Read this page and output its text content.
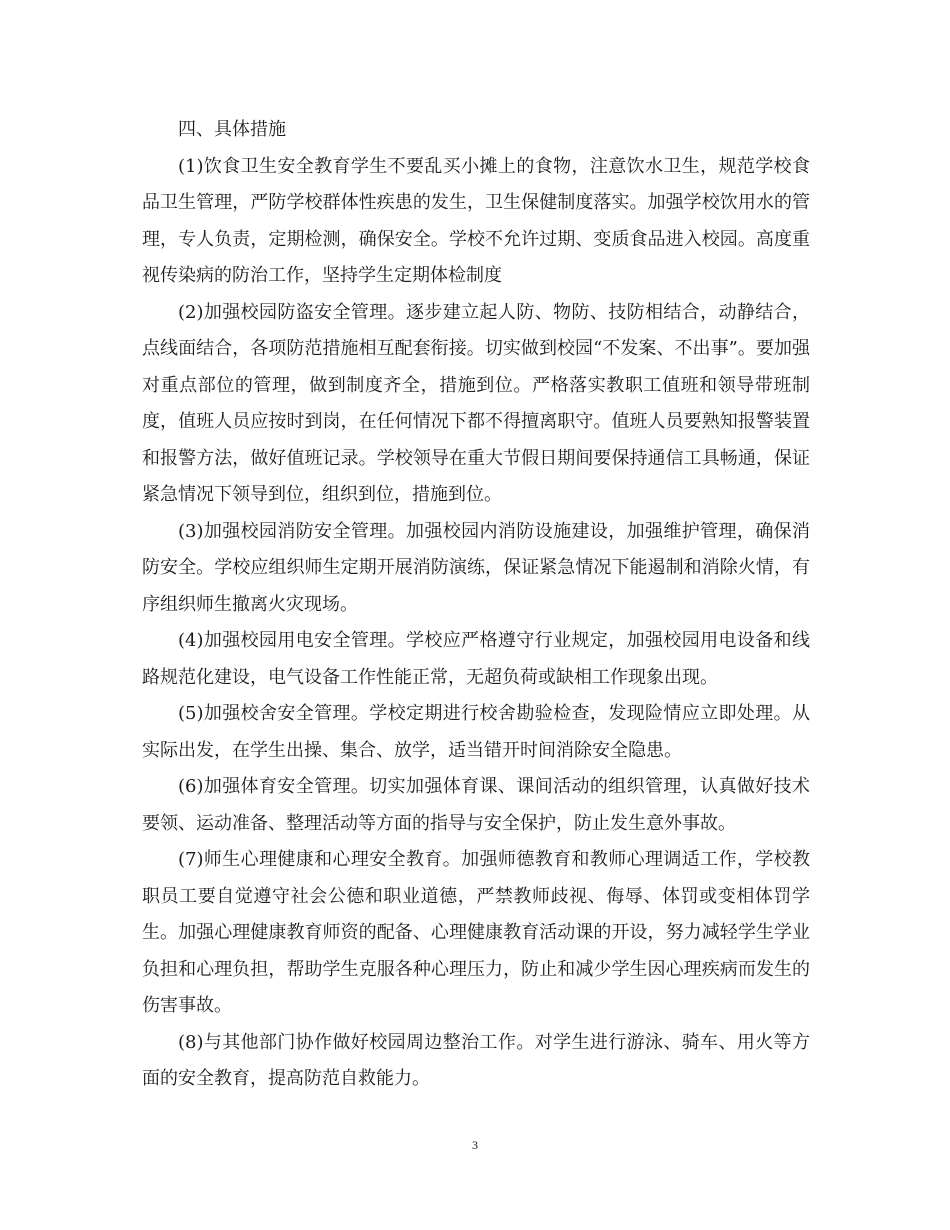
四、具体措施

(1)饮食卫生安全教育学生不要乱买小摊上的食物，注意饮水卫生，规范学校食品卫生管理，严防学校群体性疾患的发生，卫生保健制度落实。加强学校饮用水的管理，专人负责，定期检测，确保安全。学校不允许过期、变质食品进入校园。高度重视传染病的防治工作，坚持学生定期体检制度

(2)加强校园防盗安全管理。逐步建立起人防、物防、技防相结合，动静结合，点线面结合，各项防范措施相互配套衔接。切实做到校园“不发案、不出事”。要加强对重点部位的管理，做到制度齐全，措施到位。严格落实教职工值班和领导带班制度，值班人员应按时到岗，在任何情况下都不得擅离职守。值班人员要熟知报警装置和报警方法，做好值班记录。学校领导在重大节假日期间要保持通信工具畅通，保证紧急情况下领导到位，组织到位，措施到位。

(3)加强校园消防安全管理。加强校园内消防设施建设，加强维护管理，确保消防安全。学校应组织师生定期开展消防演练，保证紧急情况下能遏制和消除火情，有序组织师生撤离火灾现场。

(4)加强校园用电安全管理。学校应严格遵守行业规定，加强校园用电设备和线路规范化建设，电气设备工作性能正常，无超负荷或缺相工作现象出现。

(5)加强校舍安全管理。学校定期进行校舍勘验检查，发现险情应立即处理。从实际出发，在学生出操、集合、放学，适当错开时间消除安全隐患。

(6)加强体育安全管理。切实加强体育课、课间活动的组织管理，认真做好技术要领、运动准备、整理活动等方面的指导与安全保护，防止发生意外事故。

(7)师生心理健康和心理安全教育。加强师德教育和教师心理调适工作，学校教职员工要自觉遵守社会公德和职业道德，严禁教师歧视、侮辱、体罚或变相体罚学生。加强心理健康教育师资的配备、心理健康教育活动课的开设，努力减轻学生学业负担和心理负担，帮助学生克服各种心理压力，防止和减少学生因心理疾病而发生的伤害事故。

(8)与其他部门协作做好校园周边整治工作。对学生进行游泳、骑车、用火等方面的安全教育，提高防范自救能力。

3
